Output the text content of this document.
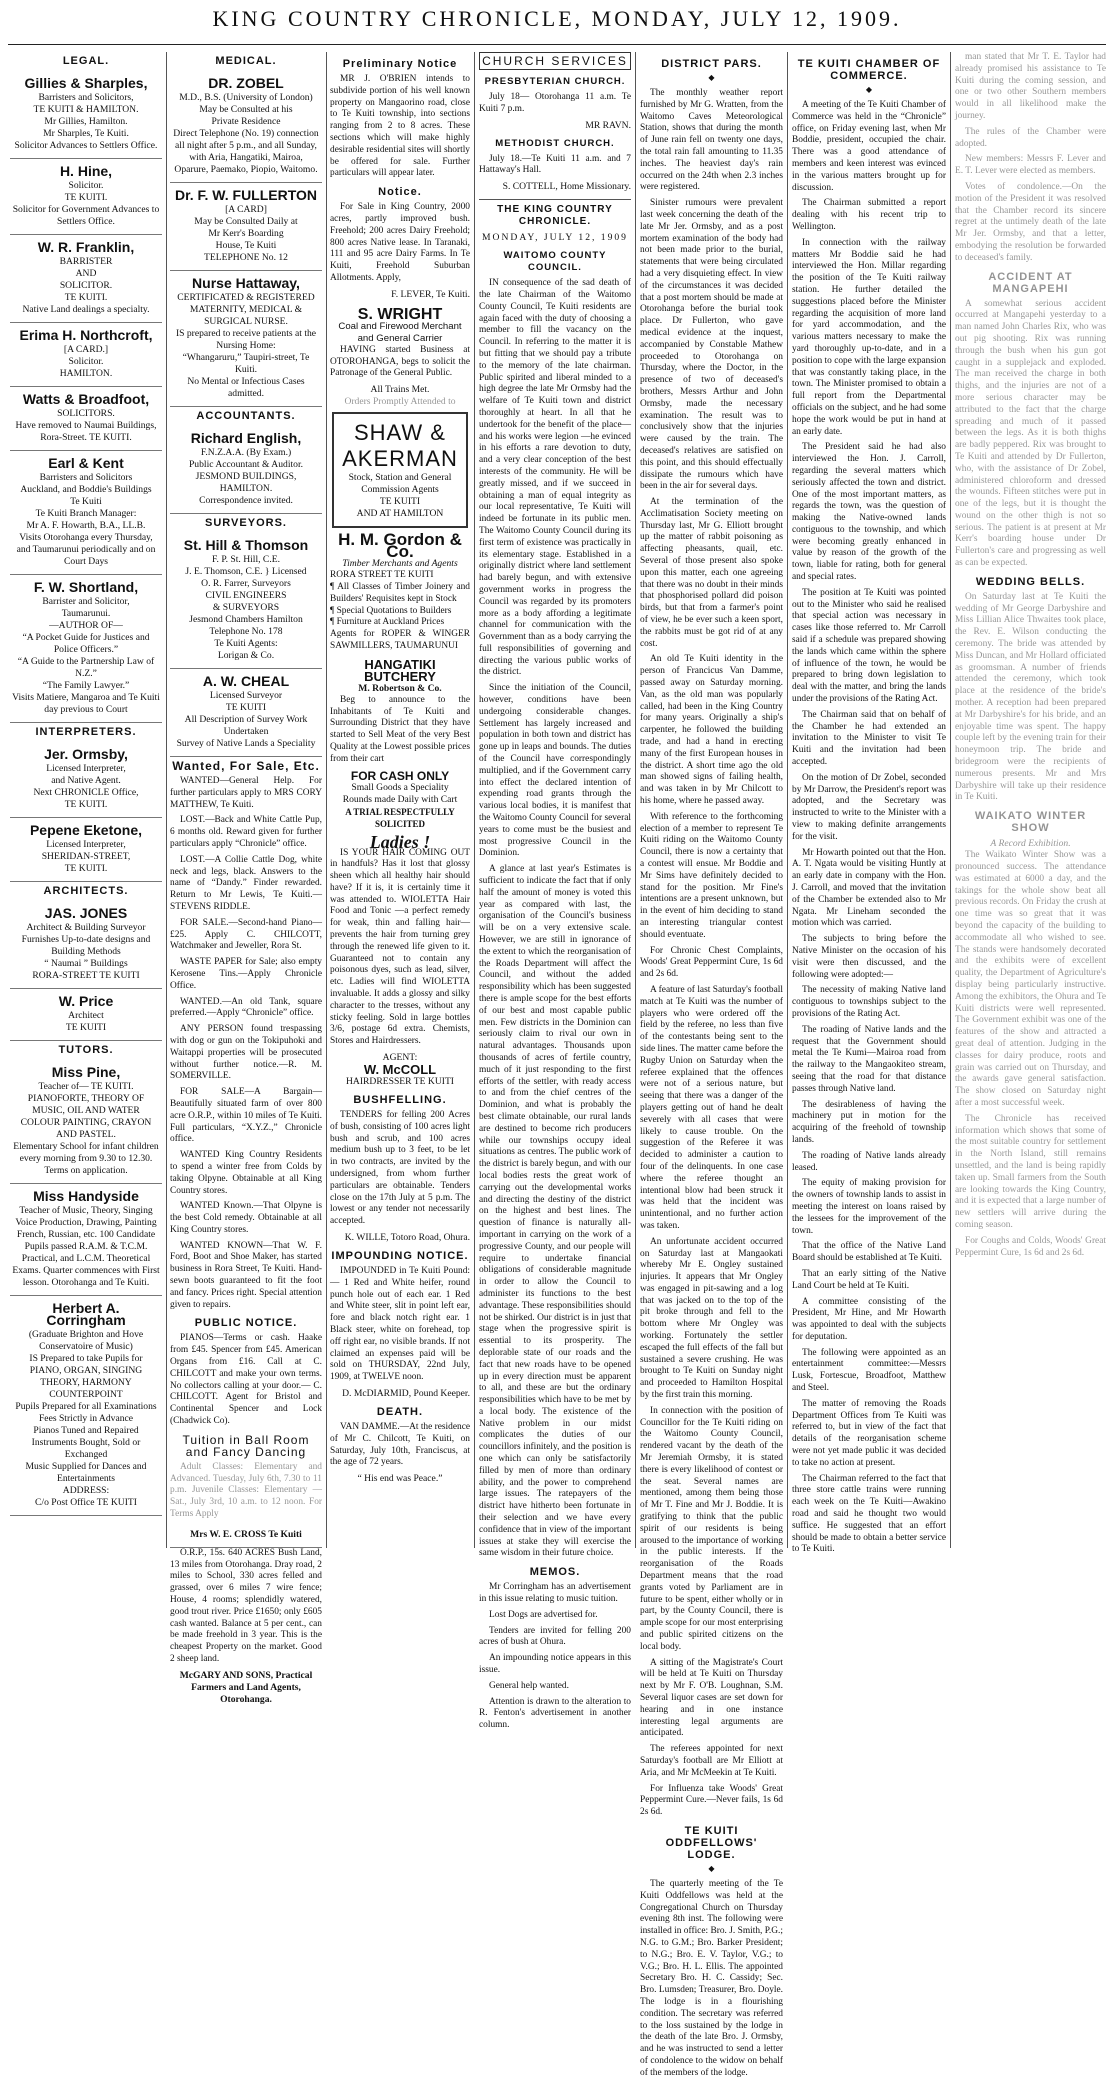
KING COUNTRY CHRONICLE, MONDAY, JULY 12, 1909.
LEGAL.
Gillies & Sharples,
Barristers and Solicitors,
TE KUITI & HAMILTON.
Mr Gillies, Hamilton.
Mr Sharples, Te Kuiti.
Solicitor Advances to Settlers Office.
H. Hine,
Solicitor.
TE KUITI.
Solicitor for Government Advances to Settlers Office.
W. R. Franklin,
BARRISTER
AND
SOLICITOR.
TE KUITI.
Native Land dealings a specialty.
Erima H. Northcroft,
[A CARD.]
Solicitor.
HAMILTON.
Watts & Broadfoot,
SOLICITORS.
Have removed to Naumai Buildings,
Rora-Street. TE KUITI.
Earl & Kent
Barristers and Solicitors
Auckland, and Boddie's Buildings
Te Kuiti
Te Kuiti Branch Manager:
Mr A. F. Howarth, B.A., LL.B.
Visits Otorohanga every Thursday, and Taumarunui periodically and on Court Days
F. W. Shortland,
Barrister and Solicitor,
Taumarunui.
—AUTHOR OF—
“A Pocket Guide for Justices and Police Officers.”
“A Guide to the Partnership Law of N.Z.”
“The Family Lawyer.”
Visits Matiere, Mangaroa and Te Kuiti day previous to Court
INTERPRETERS.
Jer. Ormsby,
Licensed Interpreter,
and Native Agent.
Next CHRONICLE Office,
TE KUITI.
Pepene Eketone,
Licensed Interpreter,
SHERIDAN-STREET,
TE KUITI.
ARCHITECTS.
JAS. JONES
Architect & Building Surveyor
Furnishes Up-to-date designs and Building Methods
“ Naumai ” Buildings
RORA-STREET TE KUITI
W. Price
Architect
TE KUITI
TUTORS.
Miss Pine,
Teacher of— TE KUITI.
PIANOFORTE, THEORY OF MUSIC, OIL AND WATER COLOUR PAINTING, CRAYON AND PASTEL.
Elementary School for infant children every morning from 9.30 to 12.30.
Terms on application.
Miss Handyside
Teacher of Music, Theory, Singing Voice Production, Drawing, Painting French, Russian, etc. 100 Candidate Pupils passed R.A.M. & T.C.M. Practical, and L.C.M. Theoretical Exams. Quarter commences with First lesson. Otorohanga and Te Kuiti.
Herbert A. Corringham
(Graduate Brighton and Hove Conservatoire of Music)
IS Prepared to take Pupils for
PIANO, ORGAN, SINGING THEORY, HARMONY COUNTERPOINT
Pupils Prepared for all Examinations
Fees Strictly in Advance
Pianos Tuned and Repaired
Instruments Bought, Sold or Exchanged
Music Supplied for Dances and Entertainments
ADDRESS:
C/o Post Office TE KUITI
MEDICAL.
DR. ZOBEL
M.D., B.S. (University of London)
May be Consulted at his
Private Residence
Direct Telephone (No. 19) connection all night after 5 p.m., and all Sunday, with Aria, Hangatiki, Mairoa, Oparure, Paemako, Piopio, Waitomo.
Dr. F. W. FULLERTON
[A CARD]
May be Consulted Daily at
Mr Kerr's Boarding
House, Te Kuiti
TELEPHONE No. 12
Nurse Hattaway,
CERTIFICATED & REGISTERED
MATERNITY, MEDICAL & SURGICAL NURSE.
IS prepared to receive patients at the Nursing Home:
“Whangaruru,” Taupiri-street, Te Kuiti.
No Mental or Infectious Cases admitted.
ACCOUNTANTS.
Richard English,
F.N.Z.A.A. (By Exam.)
Public Accountant & Auditor.
JESMOND BUILDINGS,
HAMILTON.
Correspondence invited.
SURVEYORS.
St. Hill & Thomson
F. P. St. Hill, C.E.
J. E. Thomson, C.E. } Licensed
O. R. Farrer, Surveyors
CIVIL ENGINEERS
& SURVEYORS
Jesmond Chambers Hamilton
Telephone No. 178
Te Kuiti Agents:
Lorigan & Co.
A. W. CHEAL
Licensed Surveyor
TE KUITI
All Description of Survey Work Undertaken
Survey of Native Lands a Speciality
Wanted, For Sale, Etc.

WANTED—General Help. For further particulars apply to MRS CORY MATTHEW, Te Kuiti.

LOST.—Back and White Cattle Pup, 6 months old. Reward given for further particulars apply “Chronicle” office.

LOST.—A Collie Cattle Dog, white neck and legs, black. Answers to the name of “Dandy.” Finder rewarded. Return to Mr Lewis, Te Kuiti.—STEVENS RIDDLE.

FOR SALE.—Second-hand Piano—£25. Apply C. CHILCOTT, Watchmaker and Jeweller, Rora St.

WASTE PAPER for Sale; also empty Kerosene Tins.—Apply Chronicle Office.

WANTED.—An old Tank, square preferred.—Apply “Chronicle” office.

ANY PERSON found trespassing with dog or gun on the Tokipuhoki and Waitappi properties will be prosecuted without further notice.—R. M. SOMERVILLE.

FOR SALE—A Bargain—Beautifully situated farm of over 800 acre O.R.P., within 10 miles of Te Kuiti. Full particulars, “X.Y.Z.,” Chronicle office.

WANTED King Country Residents to spend a winter free from Colds by taking Olpyne. Obtainable at all King Country stores.

WANTED Known.—That Olpyne is the best Cold remedy. Obtainable at all King Country stores.

WANTED KNOWN—That W. F. Ford, Boot and Shoe Maker, has started business in Rora Street, Te Kuiti. Hand-sewn boots guaranteed to fit the foot and fancy. Prices right. Special attention given to repairs.

PUBLIC NOTICE.

PIANOS—Terms or cash. Haake from £45. Spencer from £45. American Organs from £16. Call at C. CHILCOTT and make your own terms. No collectors calling at your door.— C. CHILCOTT. Agent for Bristol and Continental Spencer and Lock (Chadwick Co).

Tuition in Ball Room and Fancy Dancing

Adult Classes: Elementary and Advanced. Tuesday, July 6th, 7.30 to 11 p.m. Juvenile Classes: Elementary —Sat., July 3rd, 10 a.m. to 12 noon. For Terms Apply

Mrs W. E. CROSS Te Kuiti

O.R.P., 15s. 640 ACRES Bush Land, 13 miles from Otorohanga. Dray road, 2 miles to School, 330 acres felled and grassed, over 6 miles 7 wire fence; House, 4 rooms; splendidly watered, good trout river. Price £1650; only £605 cash wanted. Balance at 5 per cent., can be made freehold in 3 year. This is the cheapest Property on the market. Good 2 sheep land.

McGARY AND SONS, Practical Farmers and Land Agents, Otorohanga.
Preliminary Notice

MR J. O'BRIEN intends to subdivide portion of his well known property on Mangaorino road, close to Te Kuiti township, into sections ranging from 2 to 8 acres. These sections which will make highly desirable residential sites will shortly be offered for sale. Further particulars will appear later.

Notice.

For Sale in King Country, 2000 acres, partly improved bush. Freehold; 200 acres Dairy Freehold; 800 acres Native lease. In Taranaki, 111 and 95 acre Dairy Farms. In Te Kuiti, Freehold Suburban Allotments. Apply,

F. LEVER, Te Kuiti.
S. WRIGHT
Coal and Firewood Merchant and General Carrier

HAVING started Business at OTOROHANGA, begs to solicit the Patronage of the General Public.

All Trains Met.
Orders Promptly Attended to
SHAW & AKERMAN
Stock, Station and General
Commission Agents
TE KUITI
AND AT HAMILTON
H. M. Gordon & Co.
Timber Merchants and Agents
RORA STREET TE KUITI
¶ All Classes of Timber Joinery and Builders' Requisites kept in Stock
¶ Special Quotations to Builders
¶ Furniture at Auckland Prices
Agents for ROPER & WINGER SAWMILLERS, TAUMARUNUI
HANGATIKI BUTCHERY
M. Robertson & Co.

Beg to announce to the Inhabitants of Te Kuiti and Surrounding District that they have started to Sell Meat of the very Best Quality at the Lowest possible prices from their cart

FOR CASH ONLY
Small Goods a Speciality
Rounds made Daily with Cart
A TRIAL RESPECTFULLY SOLICITED
Ladies !

IS YOUR HAIR COMING OUT in handfuls? Has it lost that glossy sheen which all healthy hair should have? If it is, it is certainly time it was attended to. WIOLETTA Hair Food and Tonic —a perfect remedy for weak, thin and falling hair—prevents the hair from turning grey through the renewed life given to it. Guaranteed not to contain any poisonous dyes, such as lead, silver, etc. Ladies will find WIOLETTA invaluable. It adds a glossy and silky character to the tresses, without any sticky feeling. Sold in large bottles 3/6, postage 6d extra. Chemists, Stores and Hairdressers.

AGENT:
W. McCOLL
HAIRDRESSER TE KUITI
BUSHFELLING.

TENDERS for felling 200 Acres of bush, consisting of 100 acres light bush and scrub, and 100 acres medium bush up to 3 feet, to be let in two contracts, are invited by the undersigned, from whom further particulars are obtainable. Tenders close on the 17th July at 5 p.m. The lowest or any tender not necessarily accepted.

K. WILLE, Totoro Road, Ohura.
IMPOUNDING NOTICE.

IMPOUNDED in Te Kuiti Pound:— 1 Red and White heifer, round punch hole out of each ear. 1 Red and White steer, slit in point left ear, fore and black notch right ear. 1 Black steer, white on forehead, top off right ear, no visible brands. If not claimed an expenses paid will be sold on THURSDAY, 22nd July, 1909, at TWELVE noon.

D. McDIARMID, Pound Keeper.
DEATH.

VAN DAMME.—At the residence of Mr C. Chilcott, Te Kuiti, on Saturday, July 10th, Franciscus, at the age of 72 years.

“ His end was Peace.”
CHURCH SERVICES
PRESBYTERIAN CHURCH.

July 18— Otorohanga 11 a.m. Te Kuiti 7 p.m.

MR RAVN.
METHODIST CHURCH.

July 18.—Te Kuiti 11 a.m. and 7 Hattaway's Hall.

S. COTTELL, Home Missionary.
THE KING COUNTRY CHRONICLE.
MONDAY, JULY 12, 1909
WAITOMO COUNTY COUNCIL.

IN consequence of the sad death of the late Chairman of the Waitomo County Council, Te Kuiti residents are again faced with the duty of choosing a member to fill the vacancy on the Council. In referring to the matter it is but fitting that we should pay a tribute to the memory of the late chairman. Public spirited and liberal minded to a high degree the late Mr Ormsby had the welfare of Te Kuiti town and district thoroughly at heart. In all that he undertook for the benefit of the place—and his works were legion —he evinced in his efforts a rare devotion to duty, and a very clear conception of the best interests of the community. He will be greatly missed, and if we succeed in obtaining a man of equal integrity as our local representative, Te Kuiti will indeed be fortunate in its public men. The Waitomo County Council during its first term of existence was practically in its elementary stage. Established in a originally district where land settlement had barely begun, and with extensive government works in progress the Council was regarded by its promoters more as a body affording a legitimate channel for communication with the Government than as a body carrying the full responsibilities of governing and directing the various public works of the district.

Since the initiation of the Council, however, conditions have been undergoing considerable changes. Settlement has largely increased and population in both town and district has gone up in leaps and bounds. The duties of the Council have correspondingly multiplied, and if the Government carry into effect the declared intention of expending road grants through the various local bodies, it is manifest that the Waitomo County Council for several years to come must be the busiest and most progressive Council in the Dominion.

A glance at last year's Estimates is sufficient to indicate the fact that if only half the amount of money is voted this year as compared with last, the organisation of the Council's business will be on a very extensive scale. However, we are still in ignorance of the extent to which the reorganisation of the Roads Department will affect the Council, and without the added responsibility which has been suggested there is ample scope for the best efforts of our best and most capable public men. Few districts in the Dominion can seriously claim to rival our own in natural advantages. Thousands upon thousands of acres of fertile country, much of it just responding to the first efforts of the settler, with ready access to and from the chief centres of the Dominion, and what is probably the best climate obtainable, our rural lands are destined to become rich producers while our townships occupy ideal situations as centres. The public work of the district is barely begun, and with our local bodies rests the great work of carrying out the developmental works and directing the destiny of the district on the highest and best lines. The question of finance is naturally all-important in carrying on the work of a progressive County, and our people will require to undertake financial obligations of considerable magnitude in order to allow the Council to administer its functions to the best advantage. These responsibilities should not be shirked. Our district is in just that stage when the progressive spirit is essential to its prosperity. The deplorable state of our roads and the fact that new roads have to be opened up in every direction must be apparent to all, and these are but the ordinary responsibilities which have to be met by a local body. The existence of the Native problem in our midst complicates the duties of our councillors infinitely, and the position is one which can only be satisfactorily filled by men of more than ordinary ability, and the power to comprehend large issues. The ratepayers of the district have hitherto been fortunate in their selection and we have every confidence that in view of the important issues at stake they will exercise the same wisdom in their future choice.

MEMOS.

Mr Corringham has an advertisement in this issue relating to music tuition.

Lost Dogs are advertised for.

Tenders are invited for felling 200 acres of bush at Ohura.

An impounding notice appears in this issue.

General help wanted.

Attention is drawn to the alteration to R. Fenton's advertisement in another column.

DISTRICT PARS.
◆

The monthly weather report furnished by Mr G. Wratten, from the Waitomo Caves Meteorological Station, shows that during the month of June rain fell on twenty one days, the total rain fall amounting to 11.35 inches. The heaviest day's rain occurred on the 24th when 2.3 inches were registered.

Sinister rumours were prevalent last week concerning the death of the late Mr Jer. Ormsby, and as a post mortem examination of the body had not been made prior to the burial, statements that were being circulated had a very disquieting effect. In view of the circumstances it was decided that a post mortem should be made at Otorohanga before the burial took place. Dr Fullerton, who gave medical evidence at the inquest, accompanied by Constable Mathew proceeded to Otorohanga on Thursday, where the Doctor, in the presence of two of deceased's brothers, Messrs Arthur and John Ormsby, made the necessary examination. The result was to conclusively show that the injuries were caused by the train. The deceased's relatives are satisfied on this point, and this should effectually dissipate the rumours which have been in the air for several days.

At the termination of the Acclimatisation Society meeting on Thursday last, Mr G. Elliott brought up the matter of rabbit poisoning as affecting pheasants, quail, etc. Several of those present also spoke upon this matter, each one agreeing that there was no doubt in their minds that phosphorised pollard did poison birds, but that from a farmer's point of view, he be ever such a keen sport, the rabbits must be got rid of at any cost.

An old Te Kuiti identity in the person of Francicus Van Damme, passed away on Saturday morning. Van, as the old man was popularly called, had been in the King Country for many years. Originally a ship's carpenter, he followed the building trade, and had a hand in erecting many of the first European houses in the district. A short time ago the old man showed signs of failing health, and was taken in by Mr Chilcott to his home, where he passed away.

With reference to the forthcoming election of a member to represent Te Kuiti riding on the Waitomo County Council, there is now a certainty that a contest will ensue. Mr Boddie and Mr Sims have definitely decided to stand for the position. Mr Fine's intentions are a present unknown, but in the event of him deciding to stand an interesting triangular contest should eventuate.

For Chronic Chest Complaints, Woods' Great Peppermint Cure, 1s 6d and 2s 6d.

A feature of last Saturday's football match at Te Kuiti was the number of players who were ordered off the field by the referee, no less than five of the contestants being sent to the side lines. The matter came before the Rugby Union on Saturday when the referee explained that the offences were not of a serious nature, but seeing that there was a danger of the players getting out of hand he dealt severely with all cases that were likely to cause trouble. On the suggestion of the Referee it was decided to administer a caution to four of the delinquents. In one case where the referee thought an intentional blow had been struck it was held that the incident was unintentional, and no further action was taken.

An unfortunate accident occurred on Saturday last at Mangaokati whereby Mr E. Ongley sustained injuries. It appears that Mr Ongley was engaged in pit-sawing and a log that was jacked on to the top of the pit broke through and fell to the bottom where Mr Ongley was working. Fortunately the settler escaped the full effects of the fall but sustained a severe crushing. He was brought to Te Kuiti on Sunday night and proceeded to Hamilton Hospital by the first train this morning.

In connection with the position of Councillor for the Te Kuiti riding on the Waitomo County Council, rendered vacant by the death of the Mr Jeremiah Ormsby, it is stated there is every likelihood of contest or the seat. Several names are mentioned, among them being those of Mr T. Fine and Mr J. Boddie. It is gratifying to think that the public spirit of our residents is being aroused to the importance of working in the public interests. If the reorganisation of the Roads Department means that the road grants voted by Parliament are in future to be spent, either wholly or in part, by the County Council, there is ample scope for our most enterprising and public spirited citizens on the local body.

A sitting of the Magistrate's Court will be held at Te Kuiti on Thursday next by Mr F. O'B. Loughnan, S.M. Several liquor cases are set down for hearing and in one instance interesting legal arguments are anticipated.

The referees appointed for next Saturday's football are Mr Elliott at Aria, and Mr McMeekin at Te Kuiti.

For Influenza take Woods' Great Peppermint Cure.—Never fails, 1s 6d 2s 6d.

TE KUITI ODDFELLOWS' LODGE.
◆

The quarterly meeting of the Te Kuiti Oddfellows was held at the Congregational Church on Thursday evening 8th inst. The following were installed in office: Bro. J. Smith, P.G.; N.G. to G.M.; Bro. Barker President; to N.G.; Bro. E. V. Taylor, V.G.; to V.G.; Bro. H. L. Ellis. The appointed Secretary Bro. H. C. Cassidy; Sec. Bro. Lumsden; Treasurer, Bro. Doyle. The lodge is in a flourishing condition. The secretary was referred to the loss sustained by the lodge in the death of the late Bro. J. Ormsby, and he was instructed to send a letter of condolence to the widow on behalf of the members of the lodge.

TE KUITI CHAMBER OF COMMERCE.
◆

A meeting of the Te Kuiti Chamber of Commerce was held in the “Chronicle” office, on Friday evening last, when Mr Boddie, president, occupied the chair. There was a good attendance of members and keen interest was evinced in the various matters brought up for discussion.

The Chairman submitted a report dealing with his recent trip to Wellington.

In connection with the railway matters Mr Boddie said he had interviewed the Hon. Millar regarding the position of the Te Kuiti railway station. He further detailed the suggestions placed before the Minister regarding the acquisition of more land for yard accommodation, and the various matters necessary to make the yard thoroughly up-to-date, and in a position to cope with the large expansion that was constantly taking place, in the town. The Minister promised to obtain a full report from the Departmental officials on the subject, and he had some hope the work would be put in hand at an early date.

The President said he had also interviewed the Hon. J. Carroll, regarding the several matters which seriously affected the town and district. One of the most important matters, as regards the town, was the question of making the Native-owned lands contiguous to the township, and which were becoming greatly enhanced in value by reason of the growth of the town, liable for rating, both for general and special rates.

The position at Te Kuiti was pointed out to the Minister who said he realised that special action was necessary in cases like those referred to. Mr Carroll said if a schedule was prepared showing the lands which came within the sphere of influence of the town, he would be prepared to bring down legislation to deal with the matter, and bring the lands under the provisions of the Rating Act.

The Chairman said that on behalf of the Chamber he had extended an invitation to the Minister to visit Te Kuiti and the invitation had been accepted.

On the motion of Dr Zobel, seconded by Mr Darrow, the President's report was adopted, and the Secretary was instructed to write to the Minister with a view to making definite arrangements for the visit.

Mr Howarth pointed out that the Hon. A. T. Ngata would be visiting Huntly at an early date in company with the Hon. J. Carroll, and moved that the invitation of the Chamber be extended also to Mr Ngata. Mr Lineham seconded the motion which was carried.

The subjects to bring before the Native Minister on the occasion of his visit were then discussed, and the following were adopted:—

The necessity of making Native land contiguous to townships subject to the provisions of the Rating Act.

The roading of Native lands and the request that the Government should metal the Te Kumi—Mairoa road from the railway to the Mangaokiteo stream, seeing that the road for that distance passes through Native land.

The desirableness of having the machinery put in motion for the acquiring of the freehold of township lands.

The roading of Native lands already leased.

The equity of making provision for the owners of township lands to assist in meeting the interest on loans raised by the lessees for the improvement of the town.

That the office of the Native Land Board should be established at Te Kuiti.

That an early sitting of the Native Land Court be held at Te Kuiti.

A committee consisting of the President, Mr Hine, and Mr Howarth was appointed to deal with the subjects for deputation.

The following were appointed as an entertainment committee:—Messrs Lusk, Fortescue, Broadfoot, Matthew and Steel.

The matter of removing the Roads Department Offices from Te Kuiti was referred to, but in view of the fact that details of the reorganisation scheme were not yet made public it was decided to take no action at present.

The Chairman referred to the fact that three store cattle trains were running each week on the Te Kuiti—Awakino road and said he thought two would suffice. He suggested that an effort should be made to obtain a better service to Te Kuiti.

man stated that Mr T. E. Taylor had already promised his assistance to Te Kuiti during the coming session, and one or two other Southern members would in all likelihood make the journey.

The rules of the Chamber were adopted.

New members: Messrs F. Lever and E. T. Lever were elected as members.

Votes of condolence.—On the motion of the President it was resolved that the Chamber record its sincere regret at the untimely death of the late Mr Jer. Ormsby, and that a letter, embodying the resolution be forwarded to deceased's family.

ACCIDENT AT MANGAPEHI

A somewhat serious accident occurred at Mangapehi yesterday to a man named John Charles Rix, who was out pig shooting. Rix was running through the bush when his gun got caught in a supplejack and exploded. The man received the charge in both thighs, and the injuries are not of a more serious character may be attributed to the fact that the charge spreading and much of it passed between the legs. As it is both thighs are badly peppered. Rix was brought to Te Kuiti and attended by Dr Fullerton, who, with the assistance of Dr Zobel, administered chloroform and dressed the wounds. Fifteen stitches were put in one of the legs, but it is thought the wound on the other thigh is not so serious. The patient is at present at Mr Kerr's boarding house under Dr Fullerton's care and progressing as well as can be expected.

WEDDING BELLS.

On Saturday last at Te Kuiti the wedding of Mr George Darbyshire and Miss Lillian Alice Thwaites took place, the Rev. E. Wilson conducting the ceremony. The bride was attended by Miss Duncan, and Mr Hollard officiated as groomsman. A number of friends attended the ceremony, which took place at the residence of the bride's mother. A reception had been prepared at Mr Darbyshire's for his bride, and an enjoyable time was spent. The happy couple left by the evening train for their honeymoon trip. The bride and bridegroom were the recipients of numerous presents. Mr and Mrs Darbyshire will take up their residence in Te Kuiti.

WAIKATO WINTER SHOW
A Record Exhibition.

The Waikato Winter Show was a pronounced success. The attendance was estimated at 6000 a day, and the takings for the whole show beat all previous records. On Friday the crush at one time was so great that it was beyond the capacity of the building to accommodate all who wished to see. The stands were handsomely decorated and the exhibits were of excellent quality, the Department of Agriculture's display being particularly instructive. Among the exhibitors, the Ohura and Te Kuiti districts were well represented. The Government exhibit was one of the features of the show and attracted a great deal of attention. Judging in the classes for dairy produce, roots and grain was carried out on Thursday, and the awards gave general satisfaction. The show closed on Saturday night after a most successful week.

The Chronicle has received information which shows that some of the most suitable country for settlement in the North Island, still remains unsettled, and the land is being rapidly taken up. Small farmers from the South are looking towards the King Country, and it is expected that a large number of new settlers will arrive during the coming season.

For Coughs and Colds, Woods' Great Peppermint Cure, 1s 6d and 2s 6d.
